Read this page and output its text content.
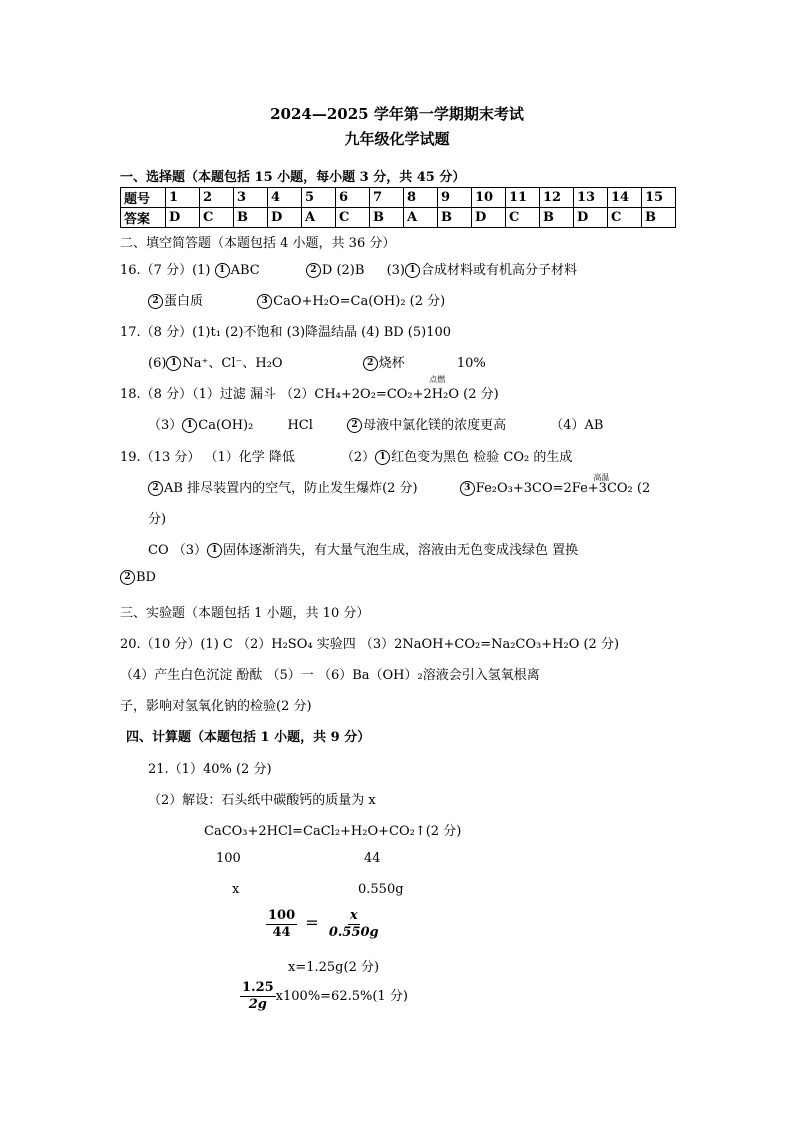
2024—2025 学年第一学期期末考试
九年级化学试题
一、选择题（本题包括 15 小题，每小题 3 分，共 45 分）
题号	1	2	3	4	5	6	7	8	9	10	11	12	13	14	15
答案	D	C	B	D	A	C	B	A	B	D	C	B	D	C	B
二、填空简答题（本题包括 4 小题，共 36 分）
16.（7 分）(1) 1 ABC	2 D (2)B (3) 1 合成材料或有机高分子材料
2 蛋白质	3 CaO+H₂O=Ca(OH)₂ (2 分)
17.（8 分）(1)t₁ (2)不饱和 (3)降温结晶 (4) BD (5)100
(6) 1 Na⁺、Cl⁻、H₂O	2 烧杯	10%
18.（8 分）（1）过滤 漏斗 （2）CH₄+2O₂
点燃
=CO₂+2H₂O (2 分)
（3） 1 Ca(OH)₂	HCl	2 母液中氯化镁的浓度更高	（4）AB
19.（13 分） （1）化学 降低	（2） 1 红色变为黑色 检验 CO₂ 的生成
2 AB 排尽装置内的空气，防止发生爆炸(2 分)	3 Fe₂O₃+3CO
高温
=2Fe+3CO₂ (2
分)
CO （3） 1 固体逐渐消失，有大量气泡生成，溶液由无色变成浅绿色 置换
2 BD
三、实验题（本题包括 1 小题，共 10 分）
20.（10 分）(1) C （2）H₂SO₄ 实验四 （3）2NaOH+CO₂=Na₂CO₃+H₂O (2 分)
（4）产生白色沉淀 酚酞 （5）一 （6）Ba（OH）₂溶液会引入氢氧根离
子，影响对氢氧化钠的检验(2 分)
四、计算题（本题包括 1 小题，共 9 分）
21.（1）40% (2 分)
（2）解设：石头纸中碳酸钙的质量为 x
CaCO₃+2HCl=CaCl₂+H₂O+CO₂↑(2 分)
100	44
x	0.550g
$\frac{100}{44} = \frac{x}{0.550g}$
x=1.25g(2 分)
$\frac{1.25}{2g} x100\%=62.5\%(1$ 分)
